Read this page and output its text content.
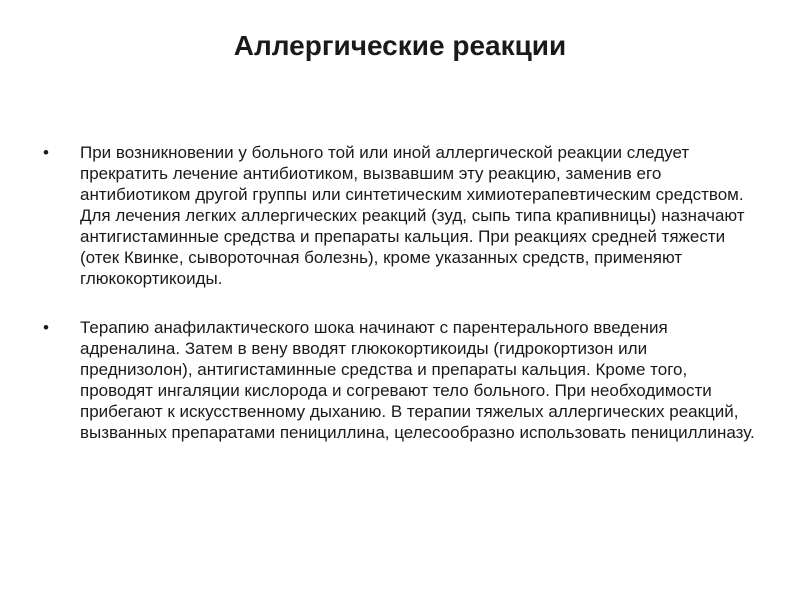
Аллергические реакции
• При возникновении у больного той или иной аллергической реакции следует прекратить лечение антибиотиком, вызвавшим эту реакцию, заменив его антибиотиком другой группы или синтетическим химиотерапевтическим средством. Для лечения легких аллергических реакций (зуд, сыпь типа крапивницы) назначают антигистаминные средства и препараты кальция. При реакциях средней тяжести (отек Квинке, сывороточная болезнь), кроме указанных средств, применяют глюкокортикоиды.
• Терапию анафилактического шока начинают с парентерального введения адреналина. Затем в вену вводят глюкокортикоиды (гидрокортизон или преднизолон), антигистаминные средства и препараты кальция. Кроме того, проводят ингаляции кислорода и согревают тело больного. При необходимости прибегают к искусственному дыханию. В терапии тяжелых аллергических реакций, вызванных препаратами пенициллина, целесообразно использовать пенициллиназу.
